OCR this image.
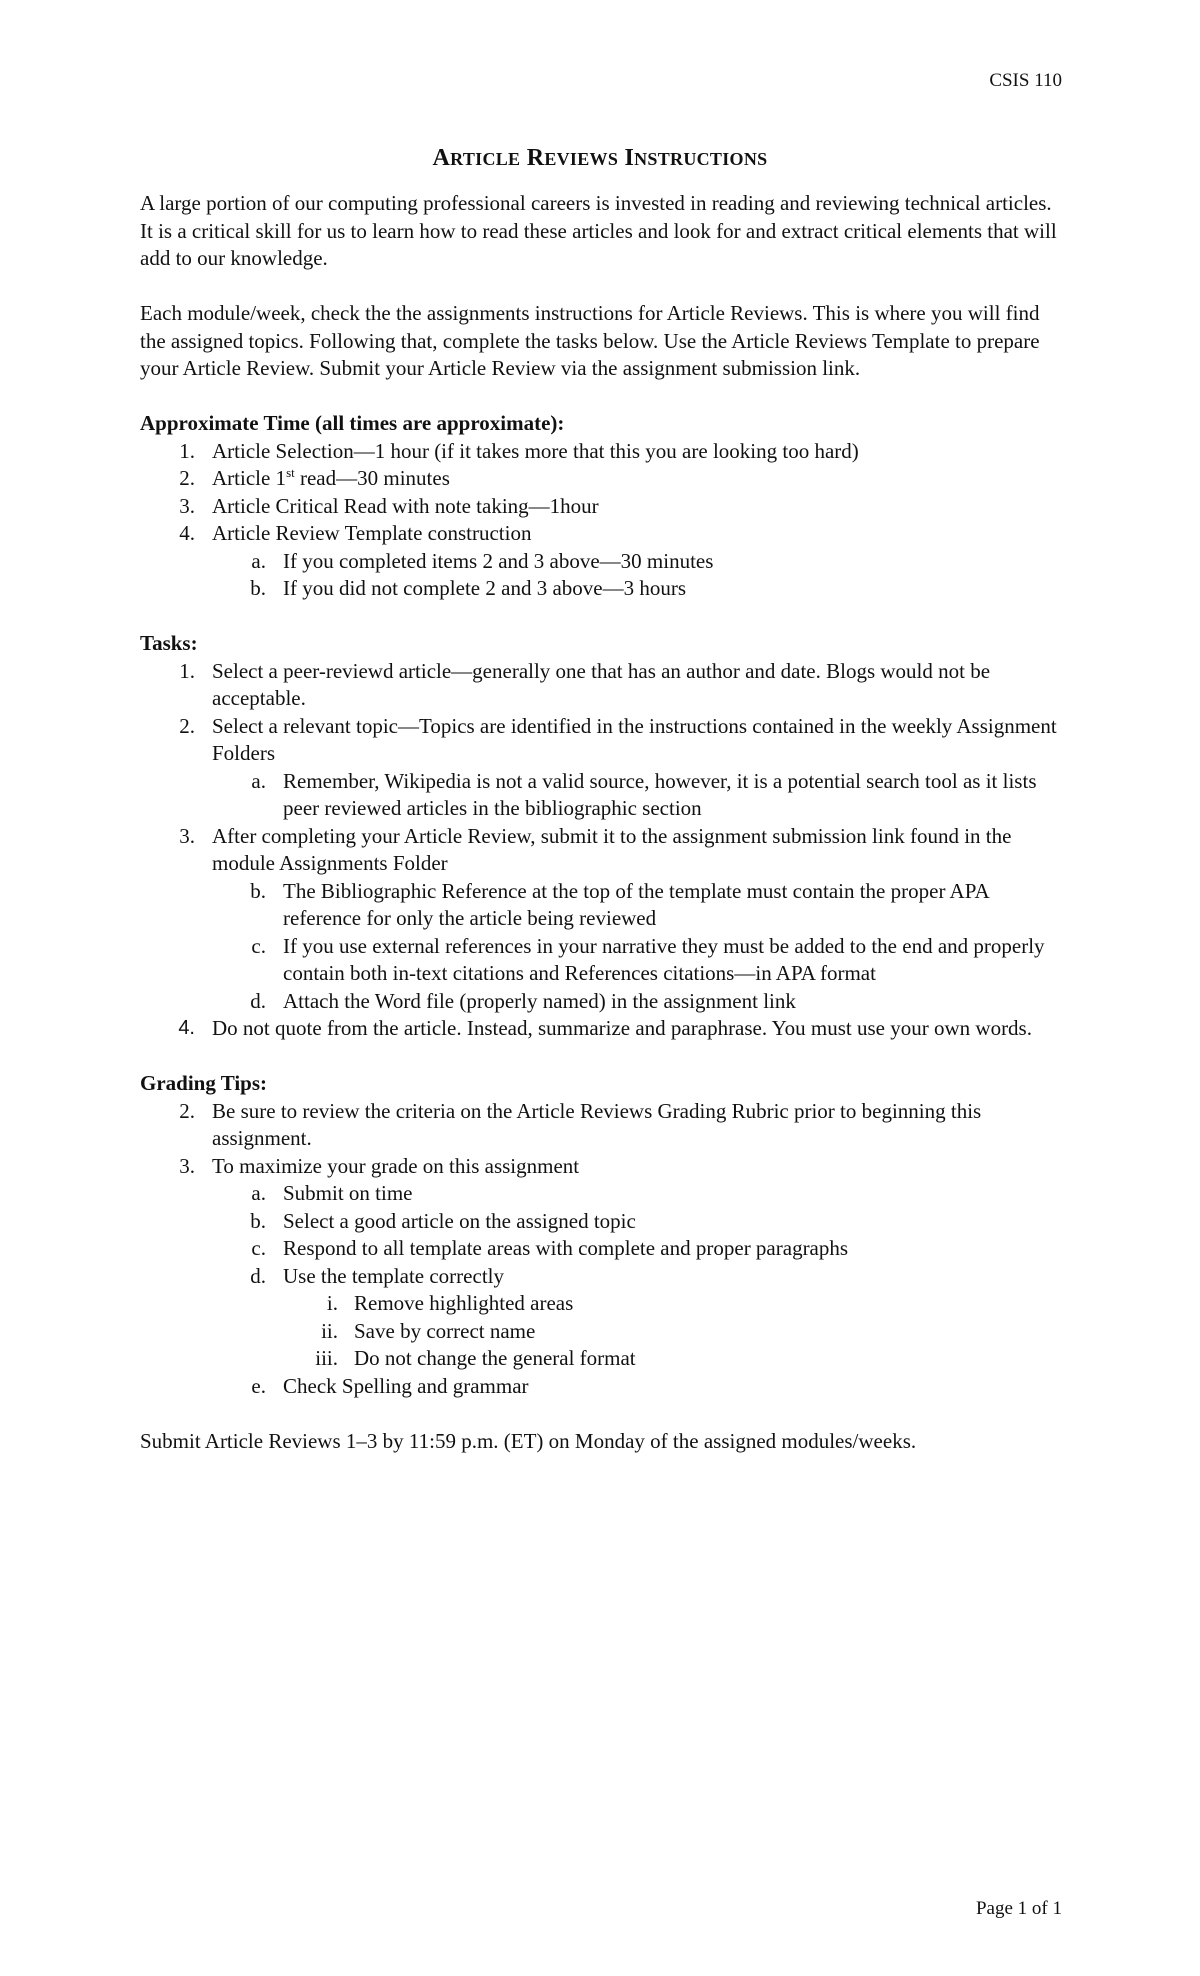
CSIS 110
ARTICLE REVIEWS INSTRUCTIONS

A large portion of our computing professional careers is invested in reading and reviewing technical articles. It is a critical skill for us to learn how to read these articles and look for and extract critical elements that will add to our knowledge.

Each module/week, check the the assignments instructions for Article Reviews. This is where you will find the assigned topics. Following that, complete the tasks below. Use the Article Reviews Template to prepare your Article Review. Submit your Article Review via the assignment submission link.

Approximate Time (all times are approximate):

1. Article Selection—1 hour (if it takes more that this you are looking too hard)
2. Article 1st read—30 minutes
3. Article Critical Read with note taking—1hour
4. Article Review Template construction
a. If you completed items 2 and 3 above—30 minutes
b. If you did not complete 2 and 3 above—3 hours

Tasks:

1. Select a peer-reviewd article—generally one that has an author and date. Blogs would not be acceptable.
2. Select a relevant topic—Topics are identified in the instructions contained in the weekly Assignment Folders
a. Remember, Wikipedia is not a valid source, however, it is a potential search tool as it lists peer reviewed articles in the bibliographic section
3. After completing your Article Review, submit it to the assignment submission link found in the module Assignments Folder
b. The Bibliographic Reference at the top of the template must contain the proper APA reference for only the article being reviewed
c. If you use external references in your narrative they must be added to the end and properly contain both in-text citations and References citations—in APA format
d. Attach the Word file (properly named) in the assignment link
4. Do not quote from the article. Instead, summarize and paraphrase. You must use your own words.

Grading Tips:

2. Be sure to review the criteria on the Article Reviews Grading Rubric prior to beginning this assignment.
3. To maximize your grade on this assignment
a. Submit on time
b. Select a good article on the assigned topic
c. Respond to all template areas with complete and proper paragraphs
d. Use the template correctly
i. Remove highlighted areas
ii. Save by correct name
iii. Do not change the general format
e. Check Spelling and grammar

Submit Article Reviews 1–3 by 11:59 p.m. (ET) on Monday of the assigned modules/weeks.

Page 1 of 1
